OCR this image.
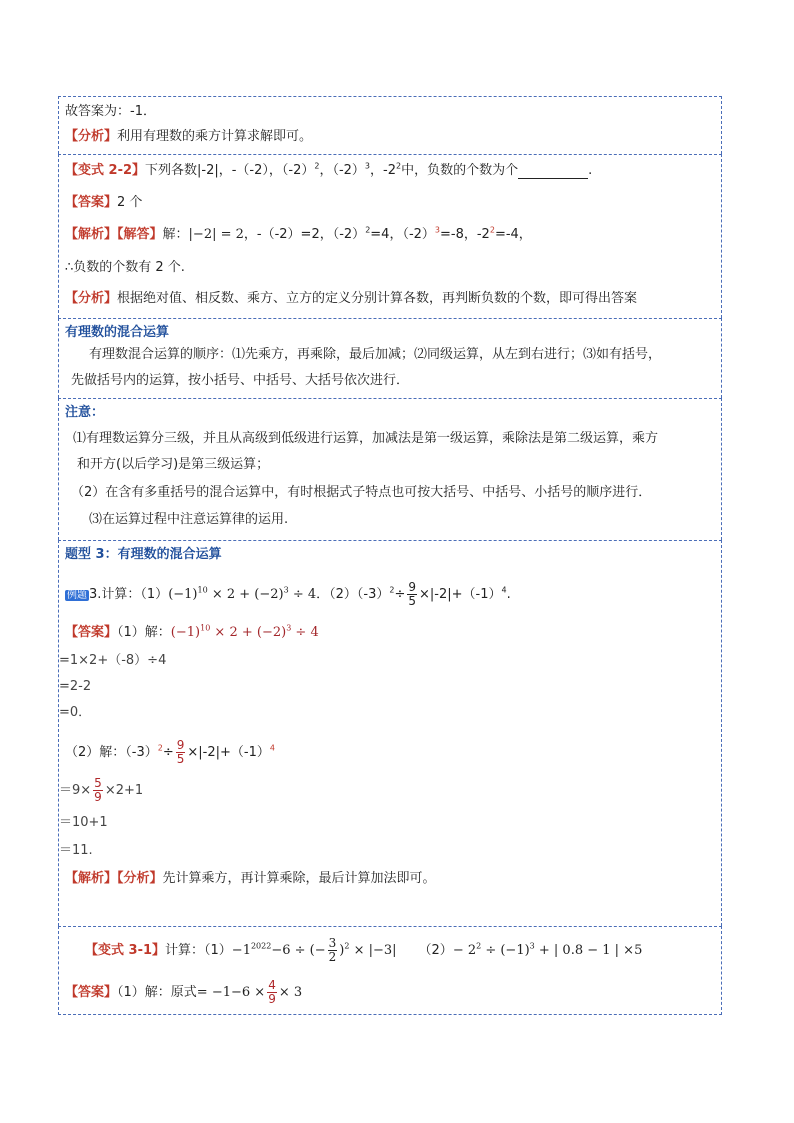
故答案为：-1．
【分析】利用有理数的乘方计算求解即可。
【变式 2-2】下列各数|-2|，-（-2），$(-2)^2$，$(-2)^3$，$-2^2$中，负数的个数为个	.
【答案】2 个
【解析】【解答】解：|−2| = 2，-（-2）=2，$(-2)^2=4$，$(-2)^3=-8$，$-2^2=-4$，
∴负数的个数有 2 个.
【分析】根据绝对值、相反数、乘方、立方的定义分别计算各数，再判断负数的个数，即可得出答案
有理数的混合运算
有理数混合运算的顺序：⑴先乘方，再乘除，最后加减；⑵同级运算，从左到右进行；⑶如有括号，
先做括号内的运算，按小括号、中括号、大括号依次进行．
注意：
⑴有理数运算分三级，并且从高级到低级进行运算，加减法是第一级运算，乘除法是第二级运算，乘方
和开方(以后学习)是第三级运算；
（2）在含有多重括号的混合运算中，有时根据式子特点也可按大括号、中括号、小括号的顺序进行．
⑶在运算过程中注意运算律的运用.
题型 3：有理数的混合运算
例题 3.计算：$(1)(-1)^{10} \times 2 + (-2)^3 \div 4$．$(2)(-3)^2\div \frac{9}{5} \times|-2|+(-1)^4$.
【答案】（1）解：$(-1)^{10} \times 2 + (-2)^3 \div 4$
=1×2+（-8）÷4
=2-2
=0．
（2）解：$(-3)^2\div \frac{9}{5} \times|-2|+(-1)^4$
$=9\times \frac{5}{9} \times 2+1$
＝10+1
＝11.
【解析】【分析】先计算乘方，再计算乘除，最后计算加法即可。
【变式 3-1】计算：$(1)-1^{2022}-6$ ÷ (− $\frac{3}{2} )^2 \times |-3|$ $(2)- 2^2 \div (-1)^3$ + | 0.8 − 1 | ×5
【答案】（1）解：原式= $-1-6 \times \frac{4}{9} \times 3$
